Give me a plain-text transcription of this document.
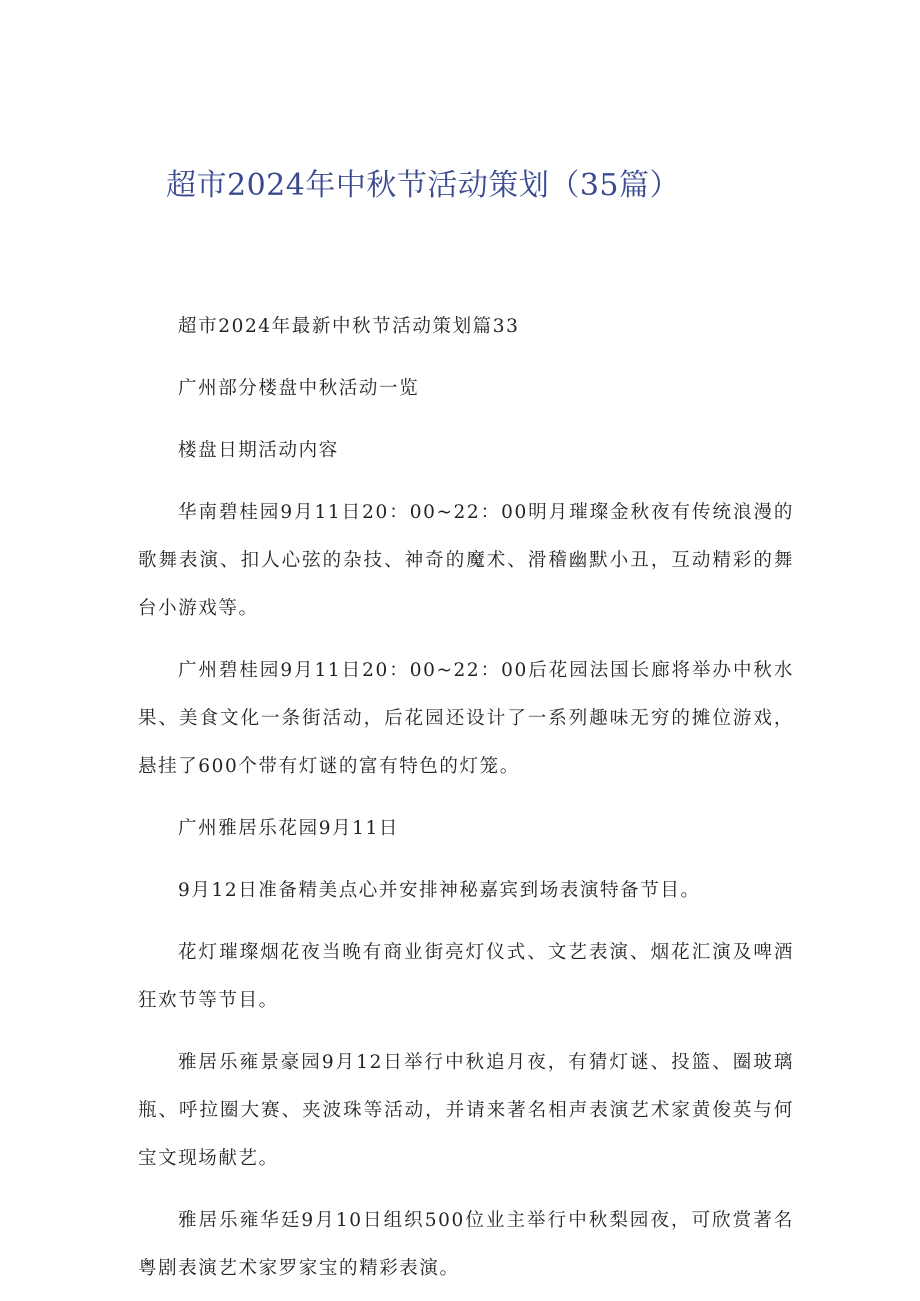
超市2024年中秋节活动策划（35篇）

超市2024年最新中秋节活动策划篇33

广州部分楼盘中秋活动一览

楼盘日期活动内容

华南碧桂园9月11日20：00~22：00明月璀璨金秋夜有传统浪漫的歌舞表演、扣人心弦的杂技、神奇的魔术、滑稽幽默小丑，互动精彩的舞台小游戏等。

广州碧桂园9月11日20：00~22：00后花园法国长廊将举办中秋水果、美食文化一条街活动，后花园还设计了一系列趣味无穷的摊位游戏，悬挂了600个带有灯谜的富有特色的灯笼。

广州雅居乐花园9月11日

9月12日准备精美点心并安排神秘嘉宾到场表演特备节目。

花灯璀璨烟花夜当晚有商业街亮灯仪式、文艺表演、烟花汇演及啤酒狂欢节等节目。

雅居乐雍景豪园9月12日举行中秋追月夜，有猜灯谜、投篮、圈玻璃瓶、呼拉圈大赛、夹波珠等活动，并请来著名相声表演艺术家黄俊英与何宝文现场献艺。

雅居乐雍华廷9月10日组织500位业主举行中秋梨园夜，可欣赏著名粤剧表演艺术家罗家宝的精彩表演。
